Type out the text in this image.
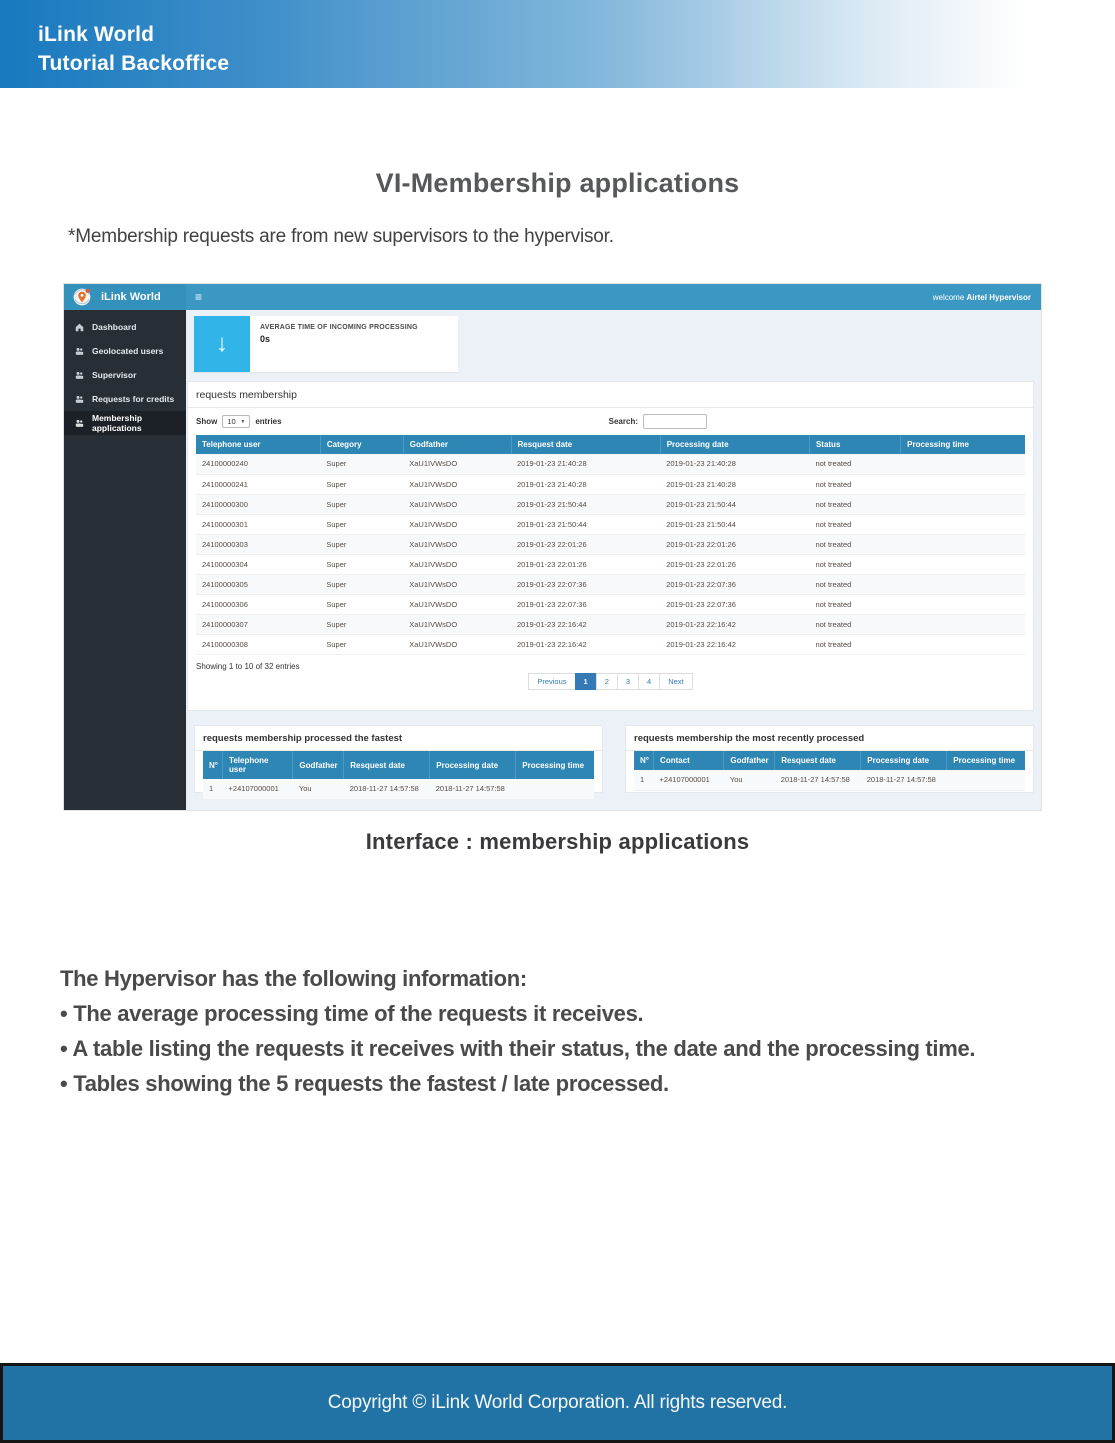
iLink World
Tutorial Backoffice
VI-Membership applications

*Membership requests are from new supervisors to the hypervisor.

iLink World	≡	welcome Airtel Hypervisor
Dashboard
Geolocated users
Supervisor
Requests for credits
Membership applications
↓
AVERAGE TIME OF INCOMING PROCESSING
0s
requests membership
Show 10 ▼ entries	Search:
Telephone user	Category	Godfather	Resquest date	Processing date	Status	Processing time
24100000240	Super	XaU1IVWsDO	2019-01-23 21:40:28	2019-01-23 21:40:28	not treated	
24100000241	Super	XaU1IVWsDO	2019-01-23 21:40:28	2019-01-23 21:40:28	not treated	
24100000300	Super	XaU1IVWsDO	2019-01-23 21:50:44	2019-01-23 21:50:44	not treated	
24100000301	Super	XaU1IVWsDO	2019-01-23 21:50:44	2019-01-23 21:50:44	not treated	
24100000303	Super	XaU1IVWsDO	2019-01-23 22:01:26	2019-01-23 22:01:26	not treated	
24100000304	Super	XaU1IVWsDO	2019-01-23 22:01:26	2019-01-23 22:01:26	not treated	
24100000305	Super	XaU1IVWsDO	2019-01-23 22:07:36	2019-01-23 22:07:36	not treated	
24100000306	Super	XaU1IVWsDO	2019-01-23 22:07:36	2019-01-23 22:07:36	not treated	
24100000307	Super	XaU1IVWsDO	2019-01-23 22:16:42	2019-01-23 22:16:42	not treated	
24100000308	Super	XaU1IVWsDO	2019-01-23 22:16:42	2019-01-23 22:16:42	not treated	
Showing 1 to 10 of 32 entries
Previous	1	2	3	4	Next
requests membership processed the fastest
N°	Telephone user	Godfather	Resquest date	Processing date	Processing time
1	+24107000001	You	2018-11-27 14:57:58	2018-11-27 14:57:58	
requests membership the most recently processed
N°	Contact	Godfather	Resquest date	Processing date	Processing time
1	+24107000001	You	2018-11-27 14:57:58	2018-11-27 14:57:58	
Interface : membership applications
The Hypervisor has the following information:
• The average processing time of the requests it receives.
• A table listing the requests it receives with their status, the date and the processing time.
• Tables showing the 5 requests the fastest / late processed.
Copyright © iLink World Corporation. All rights reserved.
